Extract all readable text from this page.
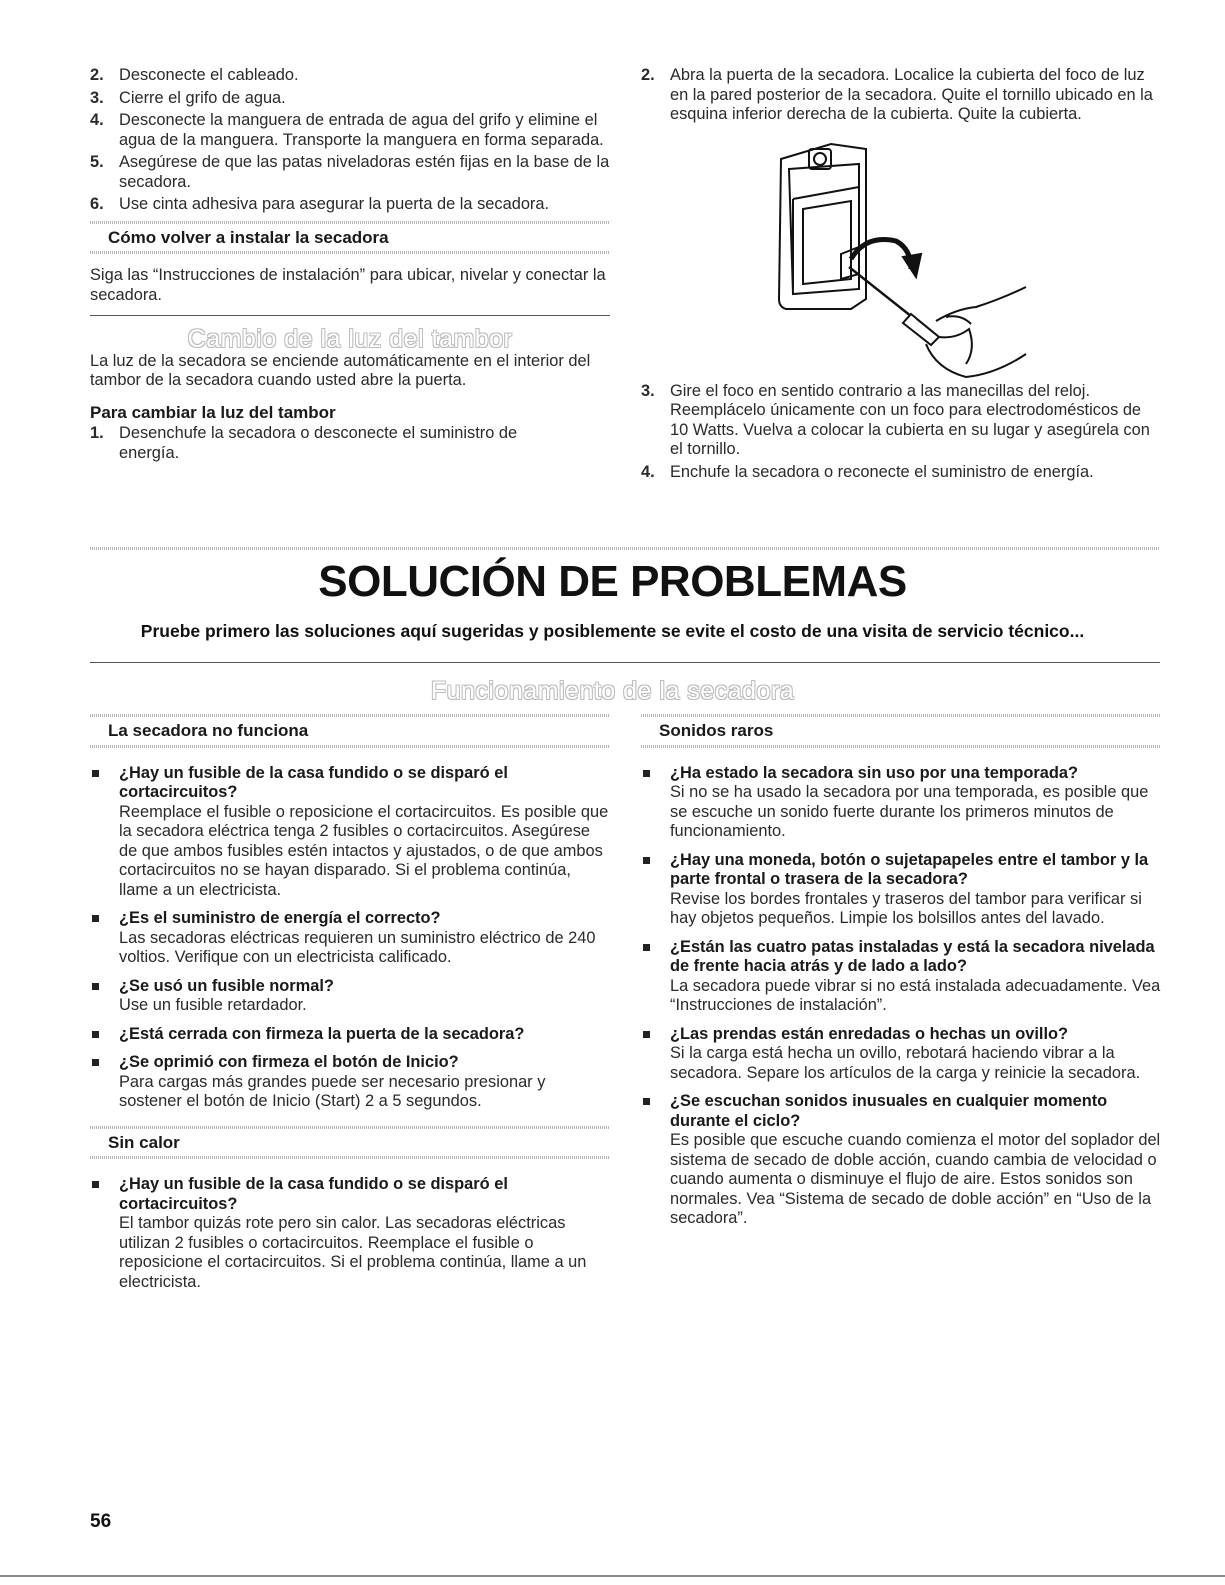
2. Desconecte el cableado.
3. Cierre el grifo de agua.
4. Desconecte la manguera de entrada de agua del grifo y elimine el agua de la manguera. Transporte la manguera en forma separada.
5. Asegúrese de que las patas niveladoras estén fijas en la base de la secadora.
6. Use cinta adhesiva para asegurar la puerta de la secadora.
Cómo volver a instalar la secadora
Siga las “Instrucciones de instalación” para ubicar, nivelar y conectar la secadora.
Cambio de la luz del tambor
La luz de la secadora se enciende automáticamente en el interior del tambor de la secadora cuando usted abre la puerta.
Para cambiar la luz del tambor
1. Desenchufe la secadora o desconecte el suministro de energía.
2. Abra la puerta de la secadora. Localice la cubierta del foco de luz en la pared posterior de la secadora. Quite el tornillo ubicado en la esquina inferior derecha de la cubierta. Quite la cubierta.
3. Gire el foco en sentido contrario a las manecillas del reloj. Reemplácelo únicamente con un foco para electrodomésticos de 10 Watts. Vuelva a colocar la cubierta en su lugar y asegúrela con el tornillo.
4. Enchufe la secadora o reconecte el suministro de energía.
SOLUCIÓN DE PROBLEMAS
Pruebe primero las soluciones aquí sugeridas y posiblemente se evite el costo de una visita de servicio técnico...
Funcionamiento de la secadora
La secadora no funciona
¿Hay un fusible de la casa fundido o se disparó el cortacircuitos?
Reemplace el fusible o reposicione el cortacircuitos. Es posible que la secadora eléctrica tenga 2 fusibles o cortacircuitos. Asegúrese de que ambos fusibles estén intactos y ajustados, o de que ambos cortacircuitos no se hayan disparado. Si el problema continúa, llame a un electricista.
¿Es el suministro de energía el correcto?
Las secadoras eléctricas requieren un suministro eléctrico de 240 voltios. Verifique con un electricista calificado.
¿Se usó un fusible normal?
Use un fusible retardador.
¿Está cerrada con firmeza la puerta de la secadora?
¿Se oprimió con firmeza el botón de Inicio?
Para cargas más grandes puede ser necesario presionar y sostener el botón de Inicio (Start) 2 a 5 segundos.
Sin calor
¿Hay un fusible de la casa fundido o se disparó el cortacircuitos?
El tambor quizás rote pero sin calor. Las secadoras eléctricas utilizan 2 fusibles o cortacircuitos. Reemplace el fusible o reposicione el cortacircuitos. Si el problema continúa, llame a un electricista.
Sonidos raros
¿Ha estado la secadora sin uso por una temporada?
Si no se ha usado la secadora por una temporada, es posible que se escuche un sonido fuerte durante los primeros minutos de funcionamiento.
¿Hay una moneda, botón o sujetapapeles entre el tambor y la parte frontal o trasera de la secadora?
Revise los bordes frontales y traseros del tambor para verificar si hay objetos pequeños. Limpie los bolsillos antes del lavado.
¿Están las cuatro patas instaladas y está la secadora nivelada de frente hacia atrás y de lado a lado?
La secadora puede vibrar si no está instalada adecuadamente. Vea “Instrucciones de instalación”.
¿Las prendas están enredadas o hechas un ovillo?
Si la carga está hecha un ovillo, rebotará haciendo vibrar a la secadora. Separe los artículos de la carga y reinicie la secadora.
¿Se escuchan sonidos inusuales en cualquier momento durante el ciclo?
Es posible que escuche cuando comienza el motor del soplador del sistema de secado de doble acción, cuando cambia de velocidad o cuando aumenta o disminuye el flujo de aire. Estos sonidos son normales. Vea “Sistema de secado de doble acción” en “Uso de la secadora”.
56
